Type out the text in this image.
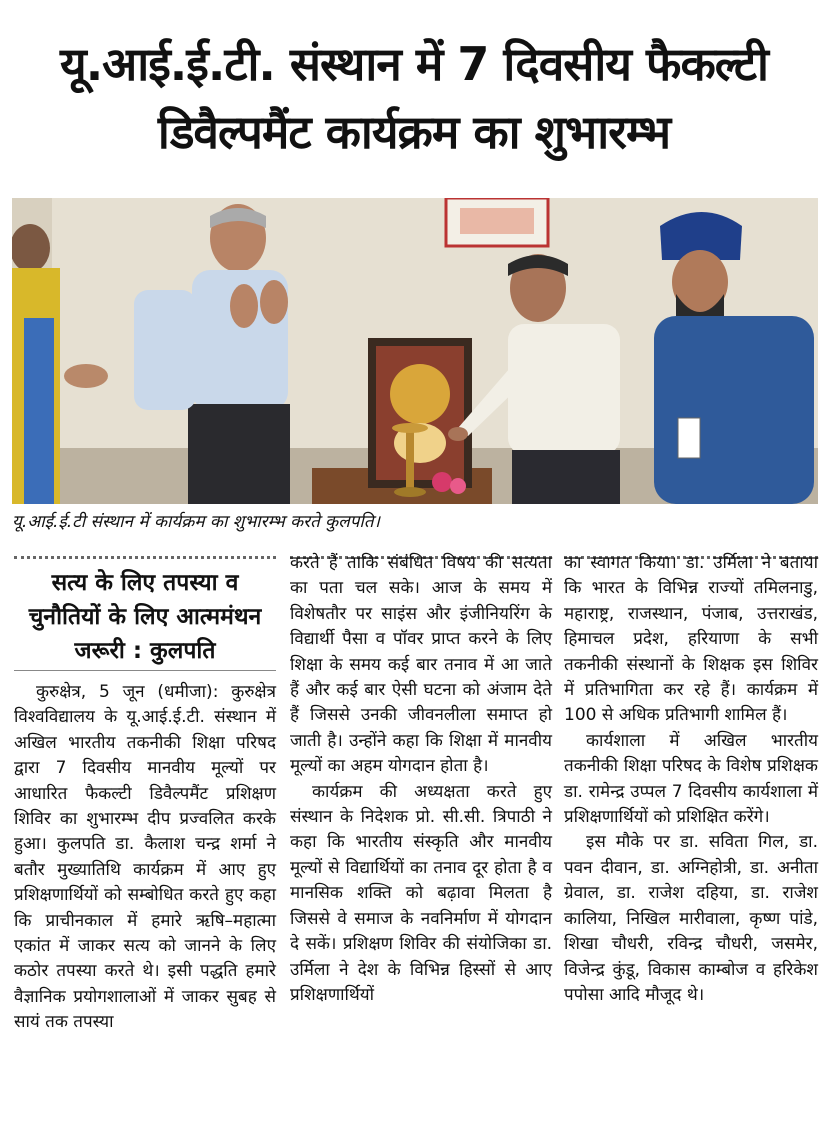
यू.आई.ई.टी. संस्थान में 7 दिवसीय फैकल्टी
डिवैल्पमैंट कार्यक्रम का शुभारम्भ
यू.आई.ई.टी संस्थान में कार्यक्रम का शुभारम्भ करते कुलपति।
सत्य के लिए तपस्या व चुनौतियों के लिए आत्ममंथन जरूरी : कुलपति

कुरुक्षेत्र, 5 जून (धमीजा): कुरुक्षेत्र विश्वविद्यालय के यू.आई.ई.टी. संस्थान में अखिल भारतीय तकनीकी शिक्षा परिषद द्वारा 7 दिवसीय मानवीय मूल्यों पर आधारित फैकल्टी डिवैल्पमैंट प्रशिक्षण शिविर का शुभारम्भ दीप प्रज्वलित करके हुआ। कुलपति डा. कैलाश चन्द्र शर्मा ने बतौर मुख्यातिथि कार्यक्रम में आए हुए प्रशिक्षणार्थियों को सम्बोधित करते हुए कहा कि प्राचीनकाल में हमारे ऋषि–महात्मा एकांत में जाकर सत्य को जानने के लिए कठोर तपस्या करते थे। इसी पद्धति हमारे वैज्ञानिक प्रयोगशालाओं में जाकर सुबह से सायं तक तपस्या

करते हैं ताकि संबंधित विषय की सत्यता का पता चल सके। आज के समय में विशेषतौर पर साइंस और इंजीनियरिंग के विद्यार्थी पैसा व पॉवर प्राप्त करने के लिए शिक्षा के समय कई बार तनाव में आ जाते हैं और कई बार ऐसी घटना को अंजाम देते हैं जिससे उनकी जीवनलीला समाप्त हो जाती है। उन्होंने कहा कि शिक्षा में मानवीय मूल्यों का अहम योगदान होता है।

कार्यक्रम की अध्यक्षता करते हुए संस्थान के निदेशक प्रो. सी.सी. त्रिपाठी ने कहा कि भारतीय संस्कृति और मानवीय मूल्यों से विद्यार्थियों का तनाव दूर होता है व मानसिक शक्ति को बढ़ावा मिलता है जिससे वे समाज के नवनिर्माण में योगदान दे सकें। प्रशिक्षण शिविर की संयोजिका डा. उर्मिला ने देश के विभिन्न हिस्सों से आए प्रशिक्षणार्थियों

का स्वागत किया। डा. उर्मिला ने बताया कि भारत के विभिन्न राज्यों तमिलनाडु, महाराष्ट्र, राजस्थान, पंजाब, उत्तराखंड, हिमाचल प्रदेश, हरियाणा के सभी तकनीकी संस्थानों के शिक्षक इस शिविर में प्रतिभागिता कर रहे हैं। कार्यक्रम में 100 से अधिक प्रतिभागी शामिल हैं।

कार्यशाला में अखिल भारतीय तकनीकी शिक्षा परिषद के विशेष प्रशिक्षक डा. रामेन्द्र उप्पल 7 दिवसीय कार्यशाला में प्रशिक्षणार्थियों को प्रशिक्षित करेंगे।

इस मौके पर डा. सविता गिल, डा. पवन दीवान, डा. अग्निहोत्री, डा. अनीता ग्रेवाल, डा. राजेश दहिया, डा. राजेश कालिया, निखिल मारीवाला, कृष्ण पांडे, शिखा चौधरी, रविन्द्र चौधरी, जसमेर, विजेन्द्र कुंडू, विकास काम्बोज व हरिकेश पपोसा आदि मौजूद थे।
